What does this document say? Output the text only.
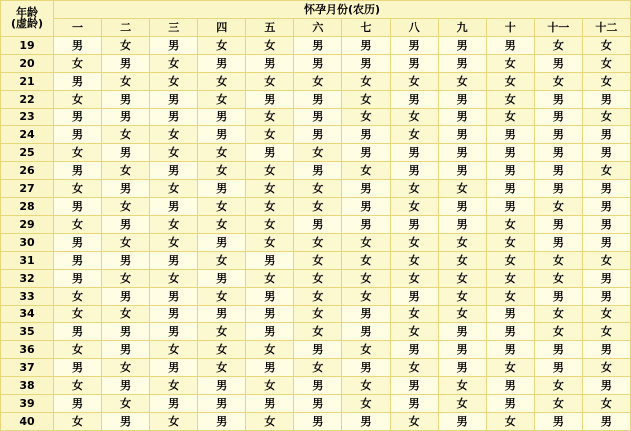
年龄
(虚龄)	怀孕月份(农历)											
	一	二	三	四	五	六	七	八	九	十	十一	十二
19	男	女	男	女	女	男	男	男	男	男	女	女
20	女	男	女	男	男	男	男	男	男	女	男	女
21	男	女	女	女	女	女	女	女	女	女	女	女
22	女	男	男	女	男	男	女	男	男	女	男	男
23	男	男	男	男	女	男	女	女	男	女	男	女
24	男	女	女	男	女	男	男	女	男	男	男	男
25	女	男	女	女	男	女	男	男	男	男	男	男
26	男	女	男	女	女	男	女	男	男	男	男	女
27	女	男	女	男	女	女	男	女	女	男	男	男
28	男	女	男	女	女	女	男	女	男	男	女	男
29	女	男	女	女	女	男	男	男	男	女	男	男
30	男	女	女	男	女	女	女	女	女	女	男	男
31	男	男	男	女	男	女	女	女	女	女	女	女
32	男	女	女	男	女	女	女	女	女	女	女	男
33	女	男	男	女	男	女	女	男	女	女	男	男
34	女	女	男	男	男	女	男	女	女	男	女	女
35	男	男	男	女	男	女	男	女	男	男	女	女
36	女	男	女	女	女	男	女	男	男	男	男	男
37	男	女	男	女	男	女	男	女	男	女	男	女
38	女	男	女	男	女	男	女	男	女	男	女	男
39	男	女	男	男	男	男	女	男	女	男	女	女
40	女	男	女	男	女	男	男	女	男	女	男	男
